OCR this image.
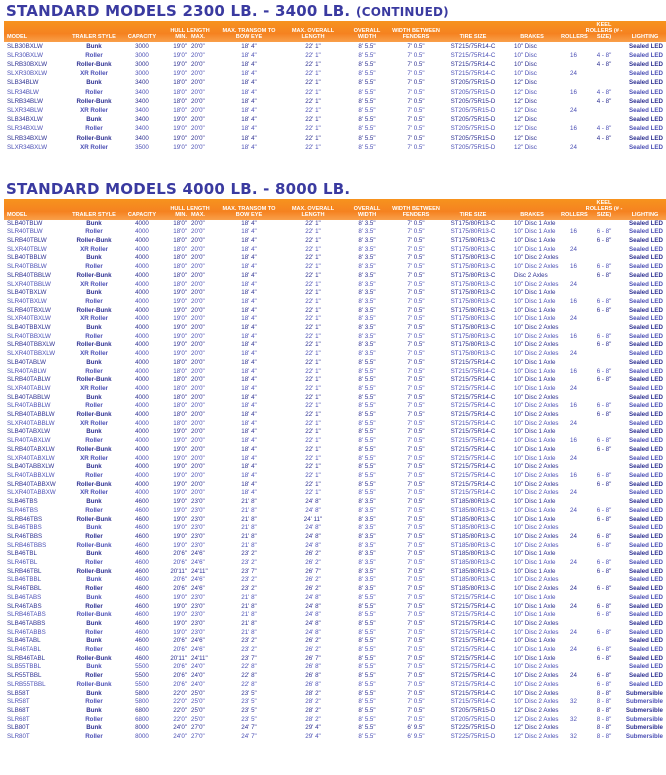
STANDARD MODELS 2300 LB. - 3400 LB. (CONTINUED)
MODEL	TRAILER STYLE	CAPACITY	HULL LENGTH
MIN.	MAX.	MAX. TRANSOM TO BOW EYE	MAX. OVERALL LENGTH	OVERALL WIDTH	WIDTH BETWEEN FENDERS	TIRE SIZE	BRAKES	ROLLERS	KEEL ROLLERS (# - SIZE)	LIGHTING
SLB30BXLW	Bunk	3000	19'0"	20'0"	18' 4"	22' 1"	8' 5.5"	7' 0.5"	ST215/75R14-C	10" Disc			Sealed LED
SLR30BXLW	Roller	3000	19'0"	20'0"	18' 4"	22' 1"	8' 5.5"	7' 0.5"	ST215/75R14-C	10" Disc	16	4 - 8"	Sealed LED
SLRB30BXLW	Roller-Bunk	3000	19'0"	20'0"	18' 4"	22' 1"	8' 5.5"	7' 0.5"	ST215/75R14-C	10" Disc		4 - 8"	Sealed LED
SLXR30BXLW	XR Roller	3000	19'0"	20'0"	18' 4"	22' 1"	8' 5.5"	7' 0.5"	ST215/75R14-C	10" Disc	24		Sealed LED
SLB34BLW	Bunk	3400	18'0"	20'0"	18' 4"	22' 1"	8' 5.5"	7' 0.5"	ST205/75R15-D	12" Disc			Sealed LED
SLR34BLW	Roller	3400	18'0"	20'0"	18' 4"	22' 1"	8' 5.5"	7' 0.5"	ST205/75R15-D	12" Disc	16	4 - 8"	Sealed LED
SLRB34BLW	Roller-Bunk	3400	18'0"	20'0"	18' 4"	22' 1"	8' 5.5"	7' 0.5"	ST205/75R15-D	12" Disc		4 - 8"	Sealed LED
SLXR34BLW	XR Roller	3400	18'0"	20'0"	18' 4"	22' 1"	8' 5.5"	7' 0.5"	ST205/75R15-D	12" Disc	24		Sealed LED
SLB34BXLW	Bunk	3400	19'0"	20'0"	18' 4"	22' 1"	8' 5.5"	7' 0.5"	ST205/75R15-D	12" Disc			Sealed LED
SLR34BXLW	Roller	3400	19'0"	20'0"	18' 4"	22' 1"	8' 5.5"	7' 0.5"	ST205/75R15-D	12" Disc	16	4 - 8"	Sealed LED
SLRB34BXLW	Roller-Bunk	3400	19'0"	20'0"	18' 4"	22' 1"	8' 5.5"	7' 0.5"	ST205/75R15-D	12" Disc		4 - 8"	Sealed LED
SLXR34BXLW	XR Roller	3500	19'0"	20'0"	18' 4"	22' 1"	8' 5.5"	7' 0.5"	ST205/75R15-D	12" Disc	24		Sealed LED
STANDARD MODELS 4000 LB. - 8000 LB.
MODEL	TRAILER STYLE	CAPACITY	HULL LENGTH
MIN.	MAX.	MAX. TRANSOM TO BOW EYE	MAX. OVERALL LENGTH	OVERALL WIDTH	WIDTH BETWEEN FENDERS	TIRE SIZE	BRAKES	ROLLERS	KEEL ROLLERS (# - SIZE)	LIGHTING
SLB40TBLW	Bunk	4000	18'0"	20'0"	18' 4"	22' 1"	8' 3.5"	7' 0.5"	ST175/80R13-C	10" Disc 1 Axle			Sealed LED
SLR40TBLW	Roller	4000	18'0"	20'0"	18' 4"	22' 1"	8' 3.5"	7' 0.5"	ST175/80R13-C	10" Disc 1 Axle	16	6 - 8"	Sealed LED
SLRB40TBLW	Roller-Bunk	4000	18'0"	20'0"	18' 4"	22' 1"	8' 3.5"	7' 0.5"	ST175/80R13-C	10" Disc 1 Axle		6 - 8"	Sealed LED
SLXR40TBLW	XR Roller	4000	18'0"	20'0"	18' 4"	22' 1"	8' 3.5"	7' 0.5"	ST175/80R13-C	10" Disc 1 Axle	24		Sealed LED
SLB40TBBLW	Bunk	4000	18'0"	20'0"	18' 4"	22' 1"	8' 3.5"	7' 0.5"	ST175/80R13-C	10" Disc 2 Axles			Sealed LED
SLR40TBBLW	Roller	4000	18'0"	20'0"	18' 4"	22' 1"	8' 3.5"	7' 0.5"	ST175/80R13-C	10" Disc 2 Axles	16	6 - 8"	Sealed LED
SLRB40TBBLW	Roller-Bunk	4000	18'0"	20'0"	18' 4"	22' 1"	8' 3.5"	7' 0.5"	ST175/80R13-C	Disc 2 Axles		6 - 8"	Sealed LED
SLXR40TBBLW	XR Roller	4000	18'0"	20'0"	18' 4"	22' 1"	8' 3.5"	7' 0.5"	ST175/80R13-C	10" Disc 2 Axles	24		Sealed LED
SLB40TBXLW	Bunk	4000	19'0"	20'0"	18' 4"	22' 1"	8' 3.5"	7' 0.5"	ST175/80R13-C	10" Disc 1 Axle			Sealed LED
SLR40TBXLW	Roller	4000	19'0"	20'0"	18' 4"	22' 1"	8' 3.5"	7' 0.5"	ST175/80R13-C	10" Disc 1 Axle	16	6 - 8"	Sealed LED
SLRB40TBXLW	Roller-Bunk	4000	19'0"	20'0"	18' 4"	22' 1"	8' 3.5"	7' 0.5"	ST175/80R13-C	10" Disc 1 Axle		6 - 8"	Sealed LED
SLXR40TBXLW	XR Roller	4000	19'0"	20'0"	18' 4"	22' 1"	8' 3.5"	7' 0.5"	ST175/80R13-C	10" Disc 1 Axle	24		Sealed LED
SLB40TBBXLW	Bunk	4000	19'0"	20'0"	18' 4"	22' 1"	8' 3.5"	7' 0.5"	ST175/80R13-C	10" Disc 2 Axles			Sealed LED
SLR40TBBXLW	Roller	4000	19'0"	20'0"	18' 4"	22' 1"	8' 3.5"	7' 0.5"	ST175/80R13-C	10" Disc 2 Axles	16	6 - 8"	Sealed LED
SLRB40TBBXLW	Roller-Bunk	4000	19'0"	20'0"	18' 4"	22' 1"	8' 3.5"	7' 0.5"	ST175/80R13-C	10" Disc 2 Axles		6 - 8"	Sealed LED
SLXR40TBBXLW	XR Roller	4000	19'0"	20'0"	18' 4"	22' 1"	8' 3.5"	7' 0.5"	ST175/80R13-C	10" Disc 2 Axles	24		Sealed LED
SLB40TABLW	Bunk	4000	18'0"	20'0"	18' 4"	22' 1"	8' 5.5"	7' 0.5"	ST215/75R14-C	10" Disc 1 Axle			Sealed LED
SLR40TABLW	Roller	4000	18'0"	20'0"	18' 4"	22' 1"	8' 5.5"	7' 0.5"	ST215/75R14-C	10" Disc 1 Axle	16	6 - 8"	Sealed LED
SLRB40TABLW	Roller-Bunk	4000	18'0"	20'0"	18' 4"	22' 1"	8' 5.5"	7' 0.5"	ST215/75R14-C	10" Disc 1 Axle		6 - 8"	Sealed LED
SLXR40TABLW	XR Roller	4000	18'0"	20'0"	18' 4"	22' 1"	8' 5.5"	7' 0.5"	ST215/75R14-C	10" Disc 1 Axle	24		Sealed LED
SLB40TABBLW	Bunk	4000	18'0"	20'0"	18' 4"	22' 1"	8' 5.5"	7' 0.5"	ST215/75R14-C	10" Disc 2 Axles			Sealed LED
SLR40TABBLW	Roller	4000	18'0"	20'0"	18' 4"	22' 1"	8' 5.5"	7' 0.5"	ST215/75R14-C	10" Disc 2 Axles	16	6 - 8"	Sealed LED
SLRB40TABBLW	Roller-Bunk	4000	18'0"	20'0"	18' 4"	22' 1"	8' 5.5"	7' 0.5"	ST215/75R14-C	10" Disc 2 Axles		6 - 8"	Sealed LED
SLXR40TABBLW	XR Roller	4000	18'0"	20'0"	18' 4"	22' 1"	8' 5.5"	7' 0.5"	ST215/75R14-C	10" Disc 2 Axles	24		Sealed LED
SLB40TABXLW	Bunk	4000	19'0"	20'0"	18' 4"	22' 1"	8' 5.5"	7' 0.5"	ST215/75R14-C	10" Disc 1 Axle			Sealed LED
SLR40TABXLW	Roller	4000	19'0"	20'0"	18' 4"	22' 1"	8' 5.5"	7' 0.5"	ST215/75R14-C	10" Disc 1 Axle	16	6 - 8"	Sealed LED
SLRB40TABXLW	Roller-Bunk	4000	19'0"	20'0"	18' 4"	22' 1"	8' 5.5"	7' 0.5"	ST215/75R14-C	10" Disc 1 Axle		6 - 8"	Sealed LED
SLXR40TABXLW	XR Roller	4000	19'0"	20'0"	18' 4"	22' 1"	8' 5.5"	7' 0.5"	ST215/75R14-C	10" Disc 1 Axle	24		Sealed LED
SLB40TABBXLW	Bunk	4000	19'0"	20'0"	18' 4"	22' 1"	8' 5.5"	7' 0.5"	ST215/75R14-C	10" Disc 2 Axles			Sealed LED
SLR40TABBXLW	Roller	4000	19'0"	20'0"	18' 4"	22' 1"	8' 5.5"	7' 0.5"	ST215/75R14-C	10" Disc 2 Axles	16	6 - 8"	Sealed LED
SLRB40TABBXW	Roller-Bunk	4000	19'0"	20'0"	18' 4"	22' 1"	8' 5.5"	7' 0.5"	ST215/75R14-C	10" Disc 2 Axles		6 - 8"	Sealed LED
SLXR40TABBXW	XR Roller	4000	19'0"	20'0"	18' 4"	22' 1"	8' 5.5"	7' 0.5"	ST215/75R14-C	10" Disc 2 Axles	24		Sealed LED
SLB46TBS	Bunk	4600	19'0"	23'0"	21' 8"	24' 8"	8' 3.5"	7' 0.5"	ST185/80R13-C	10" Disc 1 Axle			Sealed LED
SLR46TBS	Roller	4600	19'0"	23'0"	21' 8"	24' 8"	8' 3.5"	7' 0.5"	ST185/80R13-C	10" Disc 1 Axle	24	6 - 8"	Sealed LED
SLRB46TBS	Roller-Bunk	4600	19'0"	23'0"	21' 8"	24' 11"	8' 3.5"	7' 0.5"	ST185/80R13-C	10" Disc 1 Axle		6 - 8"	Sealed LED
SLB46TBBS	Bunk	4600	19'0"	23'0"	21' 8"	24' 8"	8' 3.5"	7' 0.5"	ST185/80R13-C	10" Disc 2 Axles			Sealed LED
SLR46TBBS	Roller	4600	19'0"	23'0"	21' 8"	24' 8"	8' 3.5"	7' 0.5"	ST185/80R13-C	10" Disc 2 Axles	24	6 - 8"	Sealed LED
SLRB46TBBS	Roller-Bunk	4600	19'0"	23'0"	21' 8"	24' 8"	8' 3.5"	7' 0.5"	ST185/80R13-C	10" Disc 2 Axles		6 - 8"	Sealed LED
SLB46TBL	Bunk	4600	20'6"	24'6"	23' 2"	26' 2"	8' 3.5"	7' 0.5"	ST185/80R13-C	10" Disc 1 Axle			Sealed LED
SLR46TBL	Roller	4600	20'6"	24'6"	23' 2"	26' 2"	8' 3.5"	7' 0.5"	ST185/80R13-C	10" Disc 1 Axle	24	6 - 8"	Sealed LED
SLRB46TBL	Roller-Bunk	4600	20'11"	24'11"	23' 7"	26' 7"	8' 3.5"	7' 0.5"	ST185/80R13-C	10" Disc 1 Axle		6 - 8"	Sealed LED
SLB46TBBL	Bunk	4600	20'6"	24'6"	23' 2"	26' 2"	8' 3.5"	7' 0.5"	ST185/80R13-C	10" Disc 2 Axles			Sealed LED
SLR46TBBL	Roller	4600	20'6"	24'6"	23' 2"	26' 2"	8' 3.5"	7' 0.5"	ST185/80R13-C	10" Disc 2 Axles	24	6 - 8"	Sealed LED
SLB46TABS	Bunk	4600	19'0"	23'0"	21' 8"	24' 8"	8' 5.5"	7' 0.5"	ST215/75R14-C	10" Disc 1 Axle			Sealed LED
SLR46TABS	Roller	4600	19'0"	23'0"	21' 8"	24' 8"	8' 5.5"	7' 0.5"	ST215/75R14-C	10" Disc 1 Axle	24	6 - 8"	Sealed LED
SLRB46TABS	Roller-Bunk	4600	19'0"	23'0"	21' 8"	24' 8"	8' 5.5"	7' 0.5"	ST215/75R14-C	10" Disc 1 Axle		6 - 8"	Sealed LED
SLB46TABBS	Bunk	4600	19'0"	23'0"	21' 8"	24' 8"	8' 5.5"	7' 0.5"	ST215/75R14-C	10" Disc 2 Axles			Sealed LED
SLR46TABBS	Roller	4600	19'0"	23'0"	21' 8"	24' 8"	8' 5.5"	7' 0.5"	ST215/75R14-C	10" Disc 2 Axles	24	6 - 8"	Sealed LED
SLB46TABL	Bunk	4600	20'6"	24'6"	23' 2"	26' 2"	8' 5.5"	7' 0.5"	ST215/75R14-C	10" Disc 1 Axle			Sealed LED
SLR46TABL	Roller	4600	20'6"	24'6"	23' 2"	26' 2"	8' 5.5"	7' 0.5"	ST215/75R14-C	10" Disc 1 Axle	24	6 - 8"	Sealed LED
SLRB46TABL	Roller-Bunk	4600	20'11"	24'11"	23' 7"	26' 7"	8' 5.5"	7' 0.5"	ST215/75R14-C	10" Disc 1 Axle		6 - 8"	Sealed LED
SLB55TBBL	Bunk	5500	20'6"	24'0"	22' 8"	26' 8"	8' 5.5"	7' 0.5"	ST215/75R14-C	10" Disc 2 Axles			Sealed LED
SLR55TBBL	Roller	5500	20'6"	24'0"	22' 8"	26' 8"	8' 5.5"	7' 0.5"	ST215/75R14-C	10" Disc 2 Axles	24	6 - 8"	Sealed LED
SLRB55TBBL	Roller-Bunk	5500	20'6"	24'0"	22' 8"	26' 8"	8' 5.5"	7' 0.5"	ST215/75R14-C	10" Disc 2 Axles		6 - 8"	Sealed LED
SLB58T	Bunk	5800	22'0"	25'0"	23' 5"	28' 2"	8' 5.5"	7' 0.5"	ST215/75R14-C	10" Disc 2 Axles		8 - 8"	Submersible
SLR58T	Roller	5800	22'0"	25'0"	23' 5"	28' 2"	8' 5.5"	7' 0.5"	ST215/75R14-C	10" Disc 2 Axles	32	8 - 8"	Submersible
SLB68T	Bunk	6800	22'0"	25'0"	23' 5"	28' 2"	8' 5.5"	7' 0.5"	ST205/75R15-D	12" Disc 2 Axles		8 - 8"	Submersible
SLR68T	Roller	6800	22'0"	25'0"	23' 5"	28' 2"	8' 5.5"	7' 0.5"	ST205/75R15-D	12" Disc 2 Axles	32	8 - 8"	Submersible
SLB80T	Bunk	8000	24'0"	27'0"	24' 7"	29' 4"	8' 5.5"	6' 9.5"	ST225/75R15-D	12" Disc 2 Axles		8 - 8"	Submersible
SLR80T	Roller	8000	24'0"	27'0"	24' 7"	29' 4"	8' 5.5"	6' 9.5"	ST225/75R15-D	12" Disc 2 Axles	32	8 - 8"	Submersible
